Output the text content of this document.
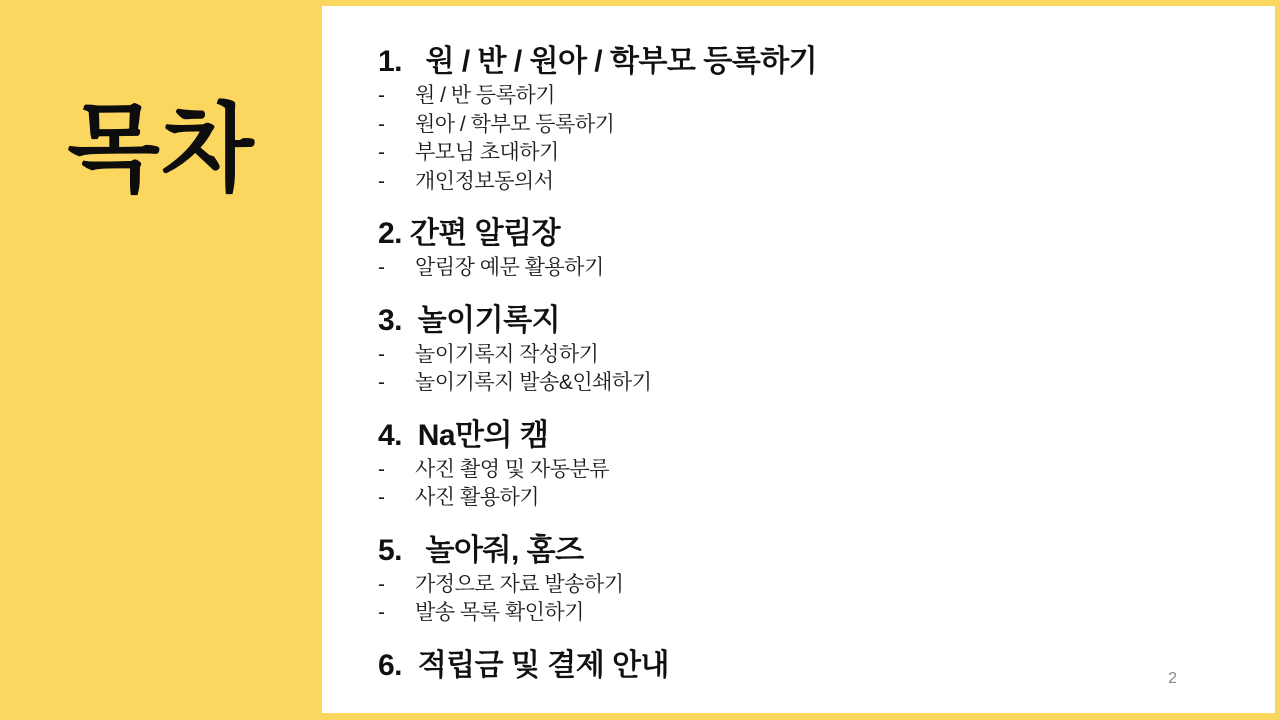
목차
1.   원 / 반 / 원아 / 학부모 등록하기
-	원 / 반 등록하기
-	원아 / 학부모 등록하기
-	부모님 초대하기
-	개인정보동의서
2. 간편 알림장
-	알림장 예문 활용하기
3.  놀이기록지
-	놀이기록지 작성하기
-	놀이기록지 발송&인쇄하기
4.  Na만의 캠
-	사진 촬영 및 자동분류
-	사진 활용하기
5.   놀아줘, 홈즈
-	가정으로 자료 발송하기
-	발송 목록 확인하기
6.  적립금 및 결제 안내	2
